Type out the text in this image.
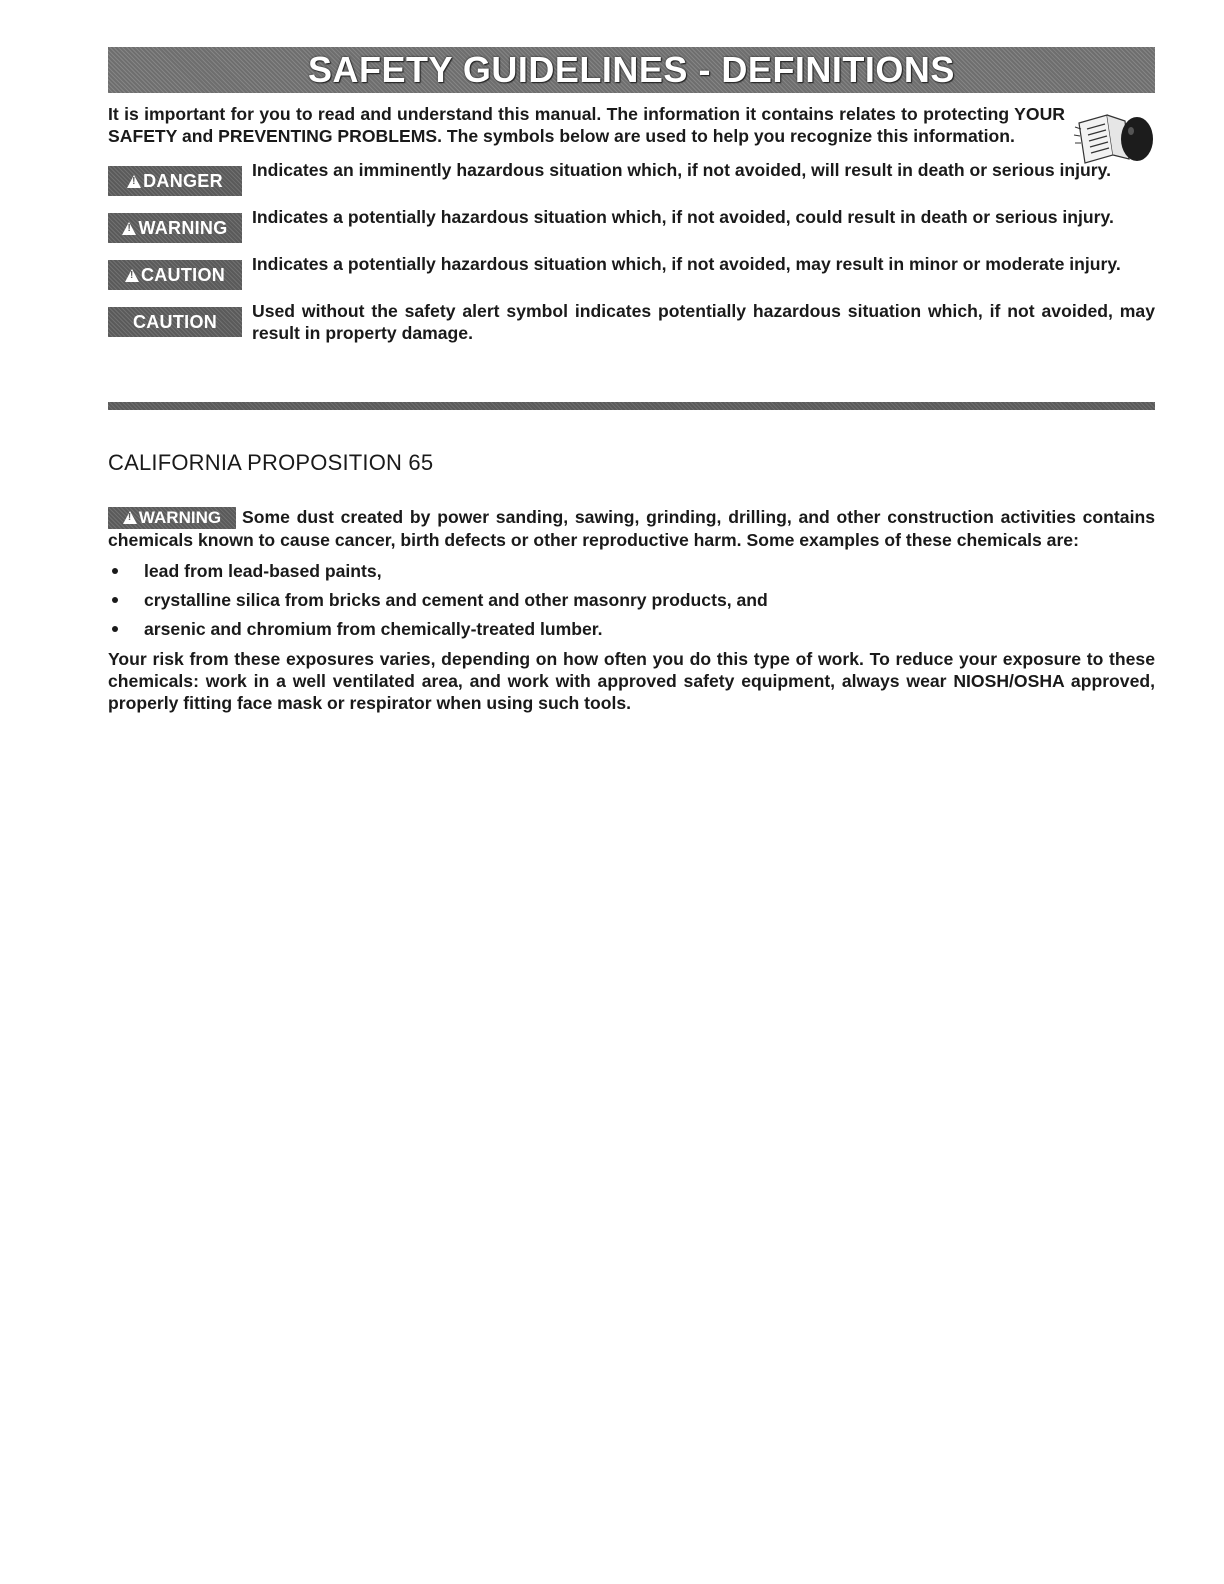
SAFETY GUIDELINES - DEFINITIONS
It is important for you to read and understand this manual. The information it contains relates to protecting YOUR SAFETY and PREVENTING PROBLEMS. The symbols below are used to help you recognize this information.
!
DANGER
Indicates an imminently hazardous situation which, if not avoided, will result in death or serious injury.
!
WARNING
Indicates a potentially hazardous situation which, if not avoided, could result in death or serious injury.
!
CAUTION
Indicates a potentially hazardous situation which, if not avoided, may result in minor or moderate injury.
CAUTION
Used without the safety alert symbol indicates potentially hazardous situation which, if not avoided, may result in property damage.
CALIFORNIA PROPOSITION 65
!WARNING Some dust created by power sanding, sawing, grinding, drilling, and other construction activities contains chemicals known to cause cancer, birth defects or other reproductive harm. Some examples of these chemicals are:
lead from lead-based paints,
crystalline silica from bricks and cement and other masonry products, and
arsenic and chromium from chemically-treated lumber.
Your risk from these exposures varies, depending on how often you do this type of work. To reduce your exposure to these chemicals: work in a well ventilated area, and work with approved safety equipment, always wear NIOSH/OSHA approved, properly fitting face mask or respirator when using such tools.
